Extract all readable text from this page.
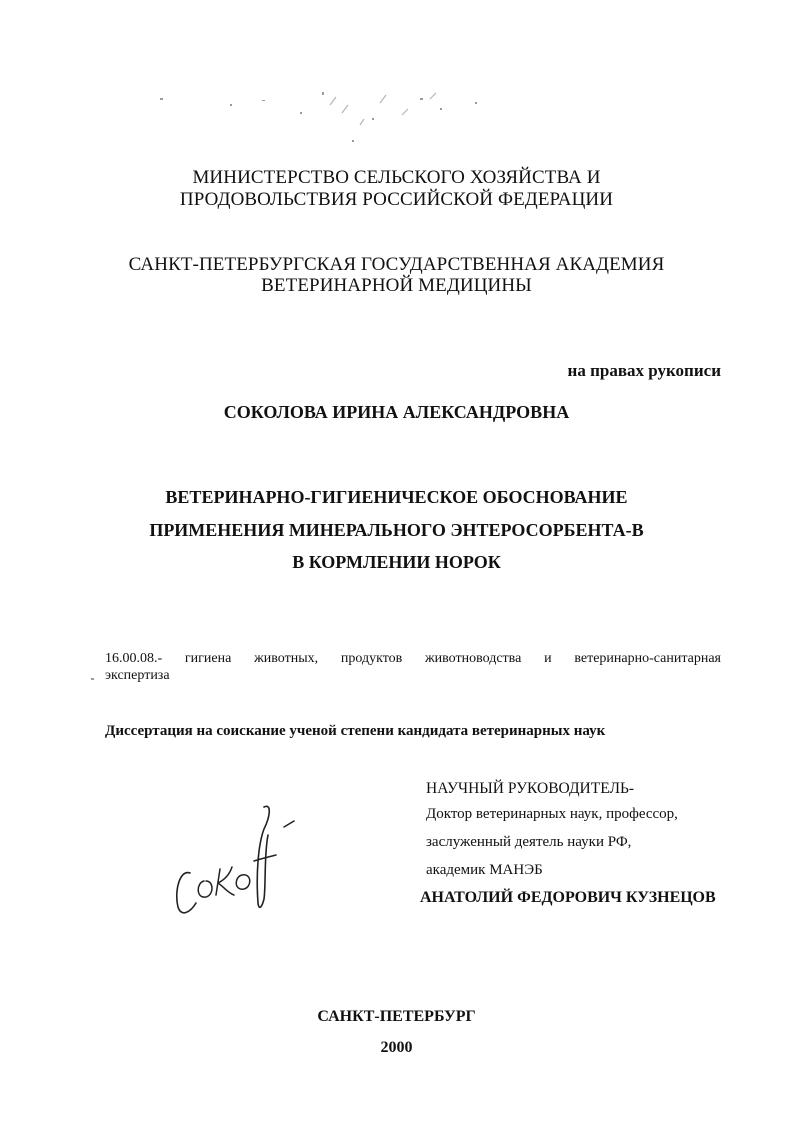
МИНИСТЕРСТВО СЕЛЬСКОГО ХОЗЯЙСТВА И
ПРОДОВОЛЬСТВИЯ РОССИЙСКОЙ ФЕДЕРАЦИИ
САНКТ-ПЕТЕРБУРГСКАЯ ГОСУДАРСТВЕННАЯ АКАДЕМИЯ
ВЕТЕРИНАРНОЙ МЕДИЦИНЫ
на правах рукописи
СОКОЛОВА ИРИНА АЛЕКСАНДРОВНА
ВЕТЕРИНАРНО-ГИГИЕНИЧЕСКОЕ ОБОСНОВАНИЕ
ПРИМЕНЕНИЯ МИНЕРАЛЬНОГО ЭНТЕРОСОРБЕНТА-В
В КОРМЛЕНИИ НОРОК
16.00.08.- гигиена животных, продуктов животноводства и ветеринарно-санитарная
экспертиза
Диссертация на соискание ученой степени кандидата ветеринарных наук
НАУЧНЫЙ РУКОВОДИТЕЛЬ-
Доктор ветеринарных наук, профессор,
заслуженный деятель науки РФ,
академик МАНЭБ
АНАТОЛИЙ ФЕДОРОВИЧ КУЗНЕЦОВ
САНКТ-ПЕТЕРБУРГ
2000
